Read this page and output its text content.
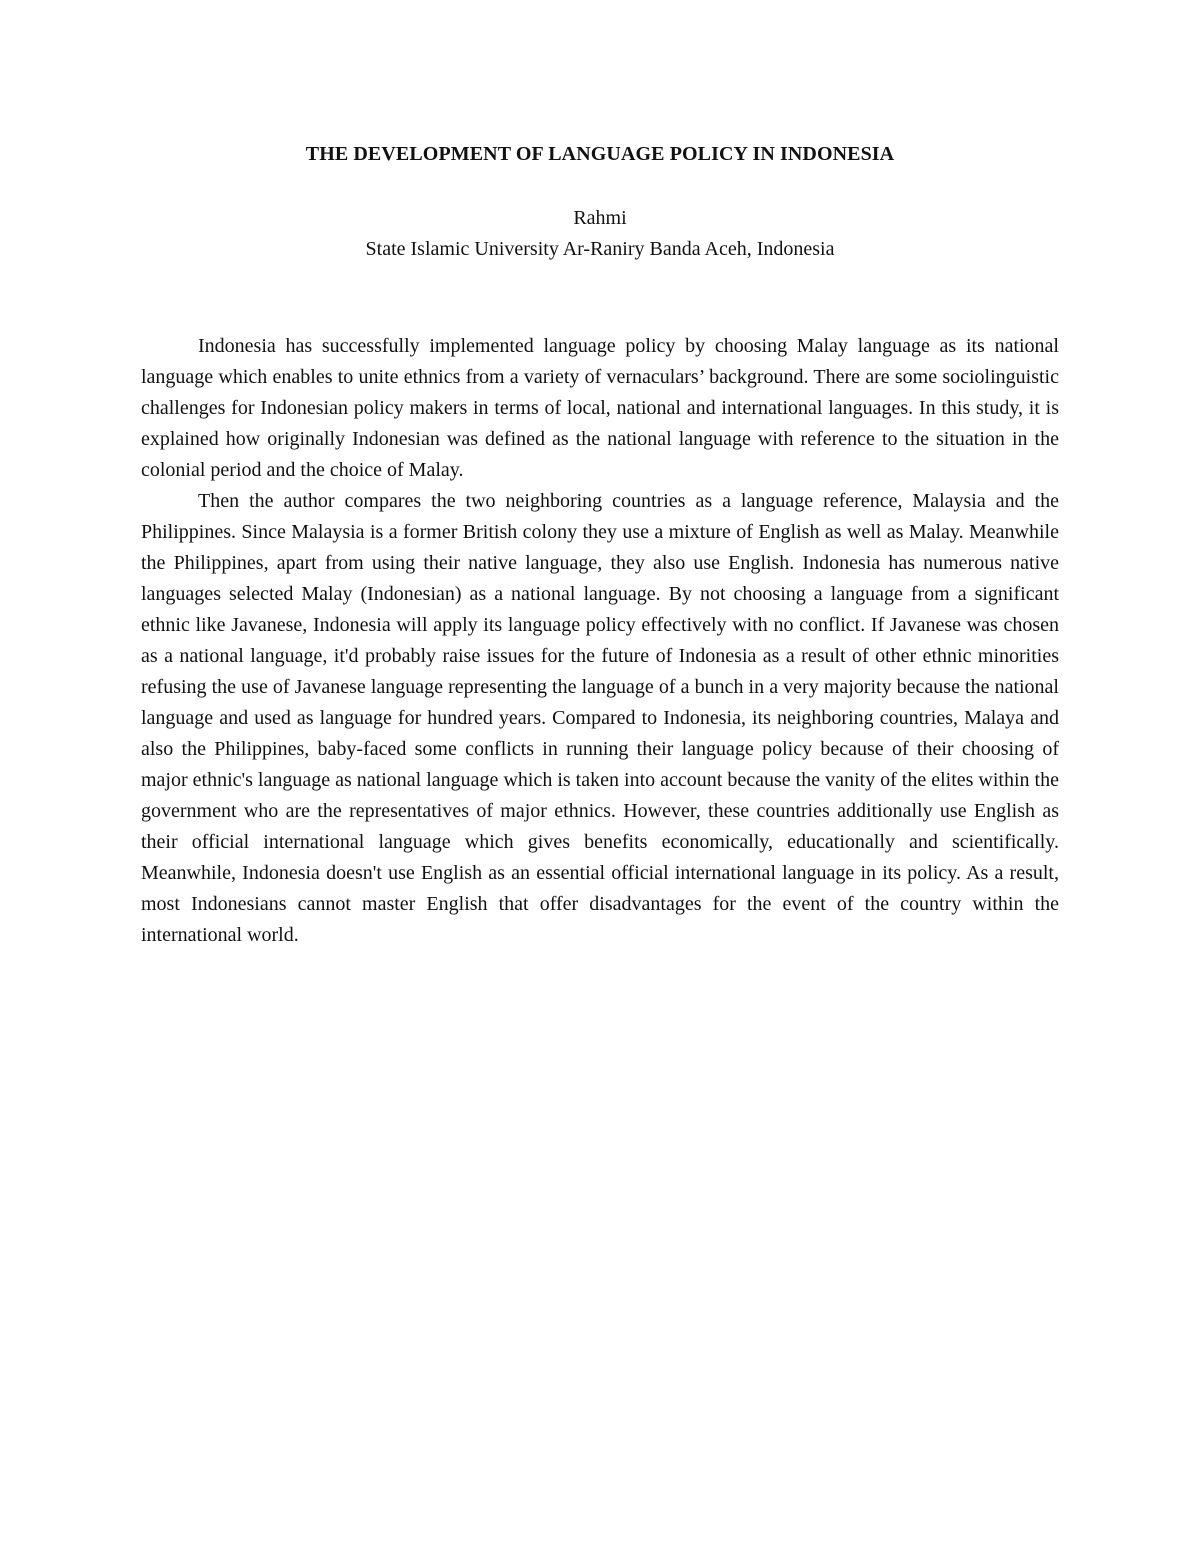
THE DEVELOPMENT OF LANGUAGE POLICY IN INDONESIA
Rahmi
State Islamic University Ar-Raniry Banda Aceh, Indonesia

Indonesia has successfully implemented language policy by choosing Malay language as its national language which enables to unite ethnics from a variety of vernaculars’ background. There are some sociolinguistic challenges for Indonesian policy makers in terms of local, national and international languages. In this study, it is explained how originally Indonesian was defined as the national language with reference to the situation in the colonial period and the choice of Malay.

Then the author compares the two neighboring countries as a language reference, Malaysia and the Philippines. Since Malaysia is a former British colony they use a mixture of English as well as Malay. Meanwhile the Philippines, apart from using their native language, they also use English. Indonesia has numerous native languages selected Malay (Indonesian) as a national language. By not choosing a language from a significant ethnic like Javanese, Indonesia will apply its language policy effectively with no conflict. If Javanese was chosen as a national language, it'd probably raise issues for the future of Indonesia as a result of other ethnic minorities refusing the use of Javanese language representing the language of a bunch in a very majority because the national language and used as language for hundred years. Compared to Indonesia, its neighboring countries, Malaya and also the Philippines, baby-faced some conflicts in running their language policy because of their choosing of major ethnic's language as national language which is taken into account because the vanity of the elites within the government who are the representatives of major ethnics. However, these countries additionally use English as their official international language which gives benefits economically, educationally and scientifically. Meanwhile, Indonesia doesn't use English as an essential official international language in its policy. As a result, most Indonesians cannot master English that offer disadvantages for the event of the country within the international world.
